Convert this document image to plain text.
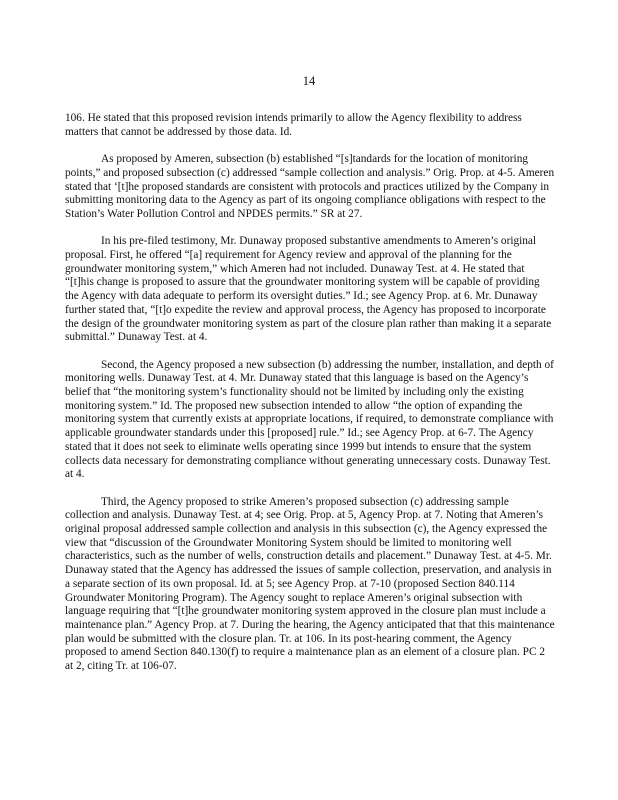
14

106. He stated that this proposed revision intends primarily to allow the Agency flexibility to address matters that cannot be addressed by those data. Id.

As proposed by Ameren, subsection (b) established “[s]tandards for the location of monitoring points,” and proposed subsection (c) addressed “sample collection and analysis.” Orig. Prop. at 4-5. Ameren stated that ‘[t]he proposed standards are consistent with protocols and practices utilized by the Company in submitting monitoring data to the Agency as part of its ongoing compliance obligations with respect to the Station’s Water Pollution Control and NPDES permits.” SR at 27.

In his pre-filed testimony, Mr. Dunaway proposed substantive amendments to Ameren’s original proposal. First, he offered “[a] requirement for Agency review and approval of the planning for the groundwater monitoring system,” which Ameren had not included. Dunaway Test. at 4. He stated that “[t]his change is proposed to assure that the groundwater monitoring system will be capable of providing the Agency with data adequate to perform its oversight duties.” Id.; see Agency Prop. at 6. Mr. Dunaway further stated that, “[t]o expedite the review and approval process, the Agency has proposed to incorporate the design of the groundwater monitoring system as part of the closure plan rather than making it a separate submittal.” Dunaway Test. at 4.

Second, the Agency proposed a new subsection (b) addressing the number, installation, and depth of monitoring wells. Dunaway Test. at 4. Mr. Dunaway stated that this language is based on the Agency’s belief that “the monitoring system’s functionality should not be limited by including only the existing monitoring system.” Id. The proposed new subsection intended to allow “the option of expanding the monitoring system that currently exists at appropriate locations, if required, to demonstrate compliance with applicable groundwater standards under this [proposed] rule.” Id.; see Agency Prop. at 6-7. The Agency stated that it does not seek to eliminate wells operating since 1999 but intends to ensure that the system collects data necessary for demonstrating compliance without generating unnecessary costs. Dunaway Test. at 4.

Third, the Agency proposed to strike Ameren’s proposed subsection (c) addressing sample collection and analysis. Dunaway Test. at 4; see Orig. Prop. at 5, Agency Prop. at 7. Noting that Ameren’s original proposal addressed sample collection and analysis in this subsection (c), the Agency expressed the view that “discussion of the Groundwater Monitoring System should be limited to monitoring well characteristics, such as the number of wells, construction details and placement.” Dunaway Test. at 4-5. Mr. Dunaway stated that the Agency has addressed the issues of sample collection, preservation, and analysis in a separate section of its own proposal. Id. at 5; see Agency Prop. at 7-10 (proposed Section 840.114 Groundwater Monitoring Program). The Agency sought to replace Ameren’s original subsection with language requiring that “[t]he groundwater monitoring system approved in the closure plan must include a maintenance plan.” Agency Prop. at 7. During the hearing, the Agency anticipated that that this maintenance plan would be submitted with the closure plan. Tr. at 106. In its post-hearing comment, the Agency proposed to amend Section 840.130(f) to require a maintenance plan as an element of a closure plan. PC 2 at 2, citing Tr. at 106-07.
